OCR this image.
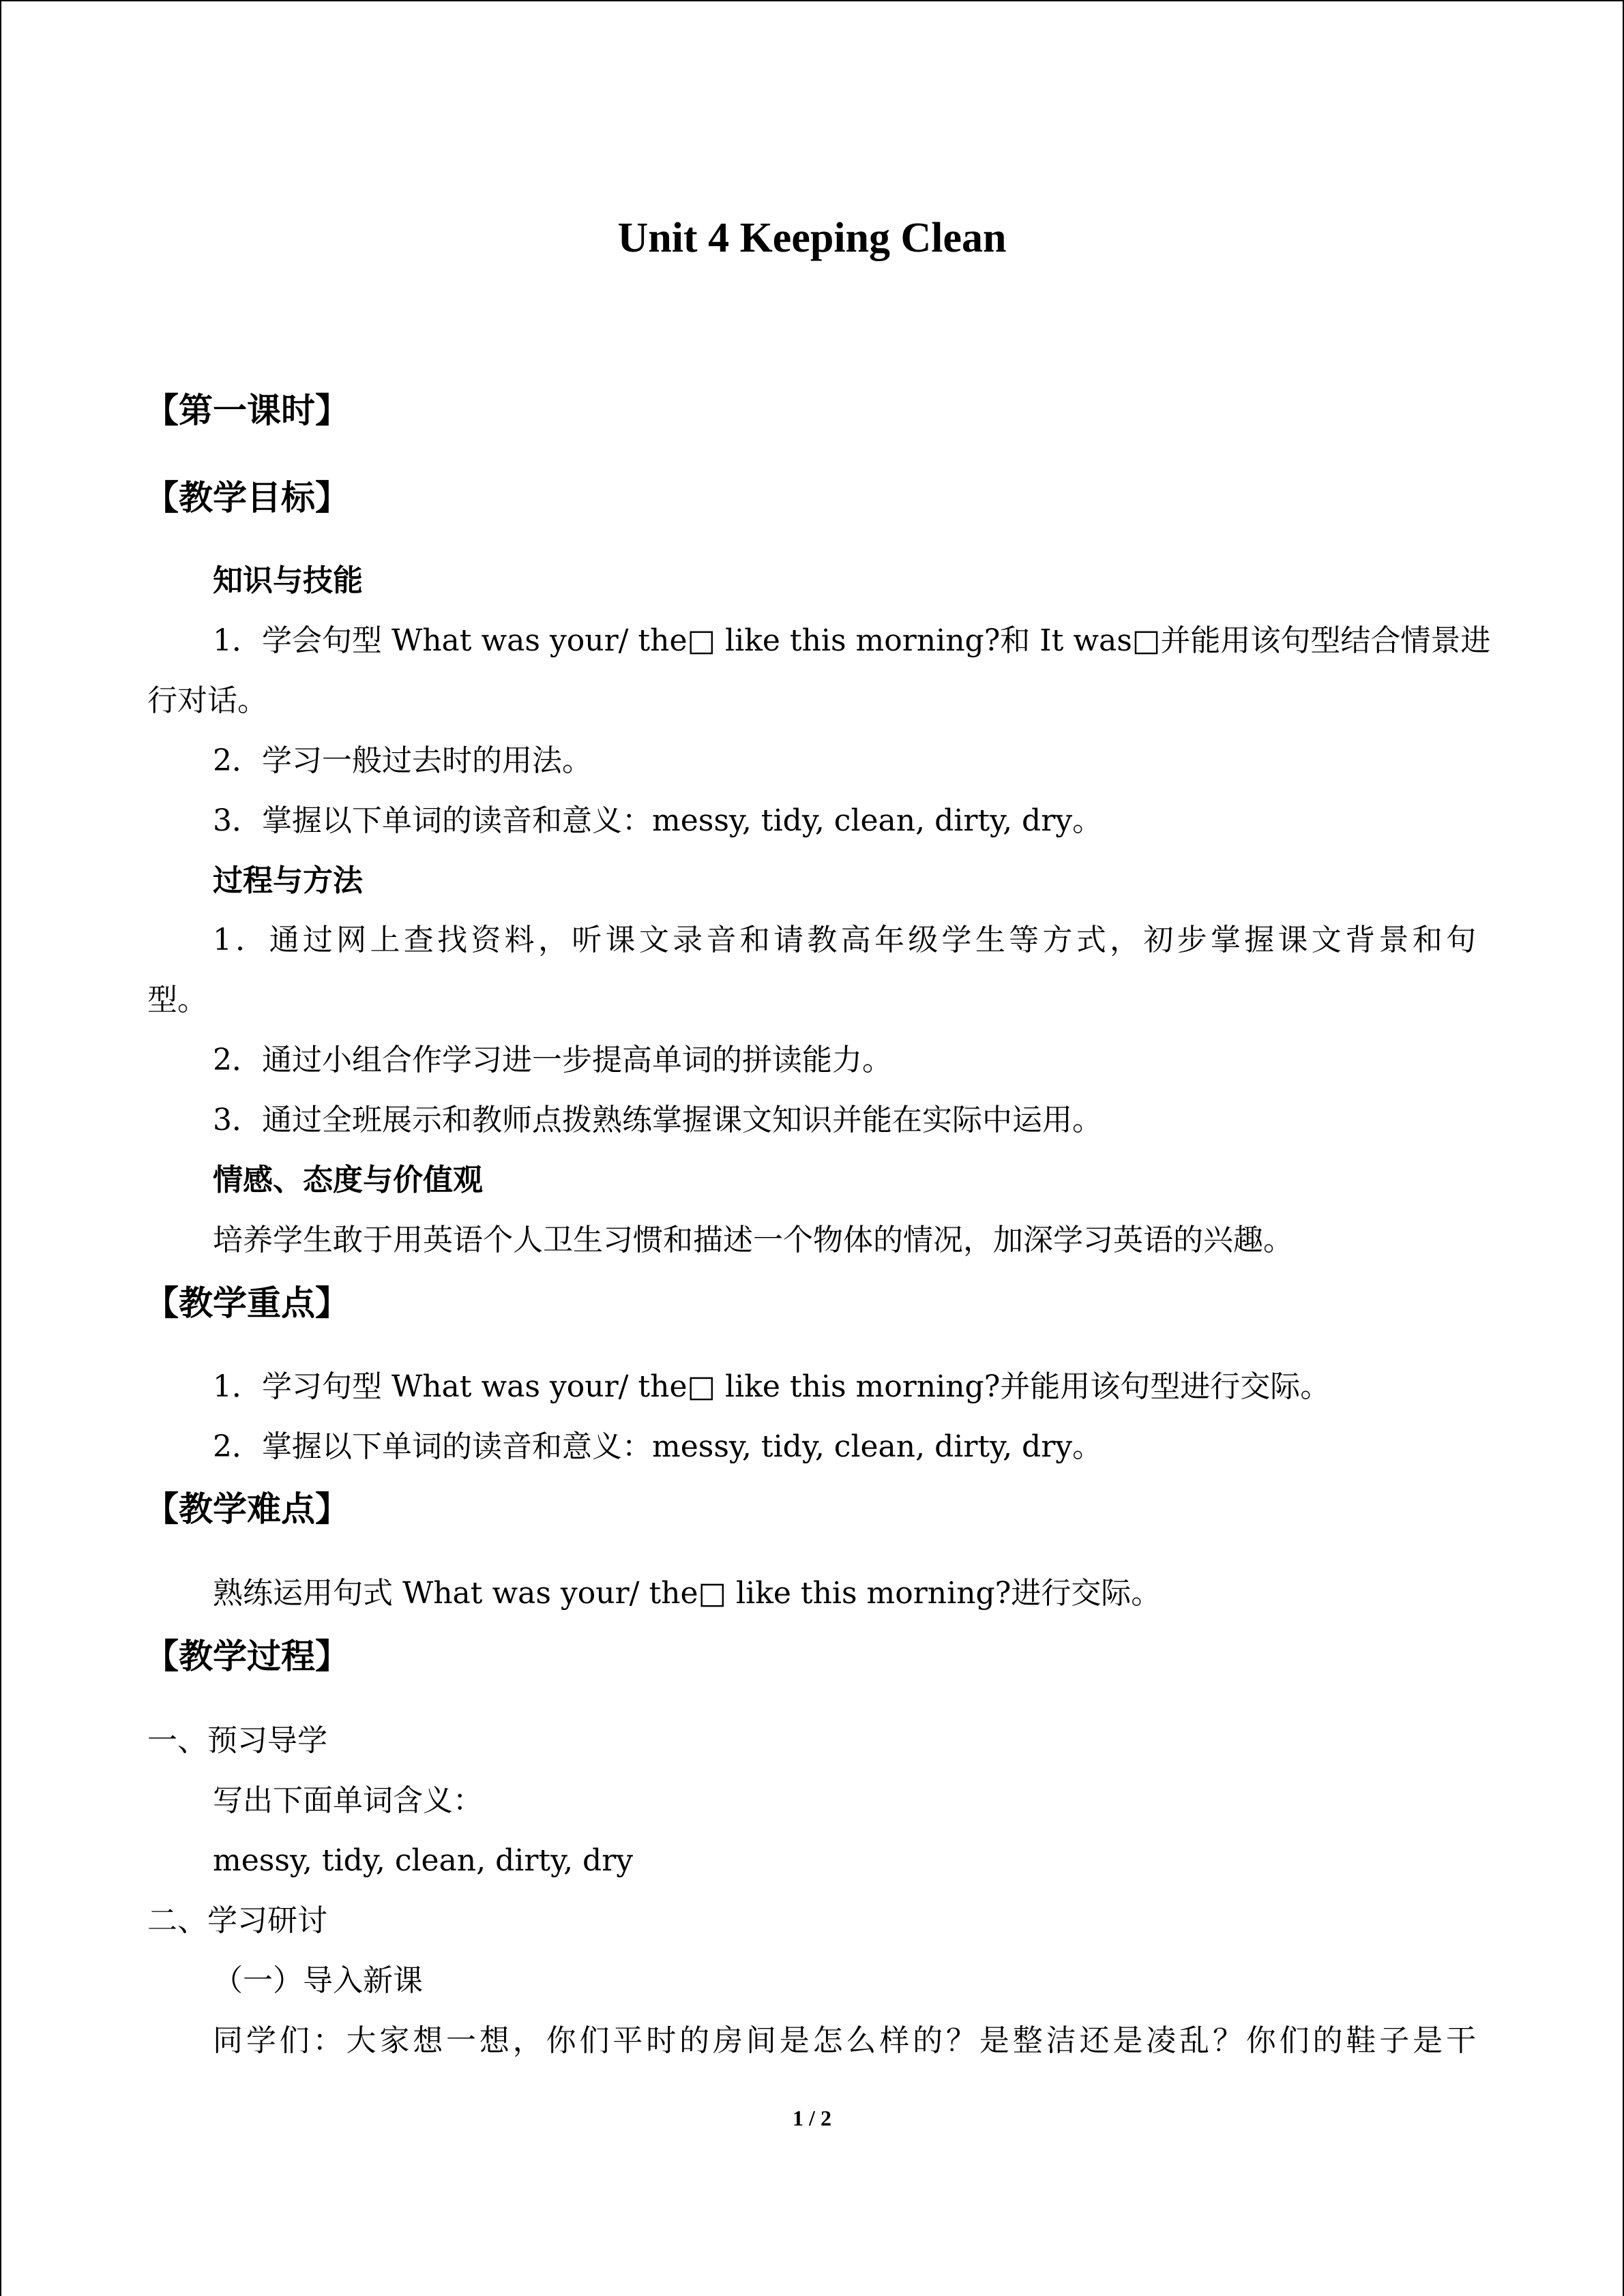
Unit 4 Keeping Clean
【第一课时】
【教学目标】
知识与技能
1．学会句型 What was your/ the□ like this morning?和 It was□并能用该句型结合情景进
行对话。
2．学习一般过去时的用法。
3．掌握以下单词的读音和意义：messy, tidy, clean, dirty, dry。
过程与方法
1．通过网上查找资料，听课文录音和请教高年级学生等方式，初步掌握课文背景和句
型。
2．通过小组合作学习进一步提高单词的拼读能力。
3．通过全班展示和教师点拨熟练掌握课文知识并能在实际中运用。
情感、态度与价值观
培养学生敢于用英语个人卫生习惯和描述一个物体的情况，加深学习英语的兴趣。
【教学重点】
1．学习句型 What was your/ the□ like this morning?并能用该句型进行交际。
2．掌握以下单词的读音和意义：messy, tidy, clean, dirty, dry。
【教学难点】
熟练运用句式 What was your/ the□ like this morning?进行交际。
【教学过程】
一、预习导学
写出下面单词含义：
messy, tidy, clean, dirty, dry
二、学习研讨
（一）导入新课
同学们：大家想一想，你们平时的房间是怎么样的？是整洁还是凌乱？你们的鞋子是干
1 / 2
